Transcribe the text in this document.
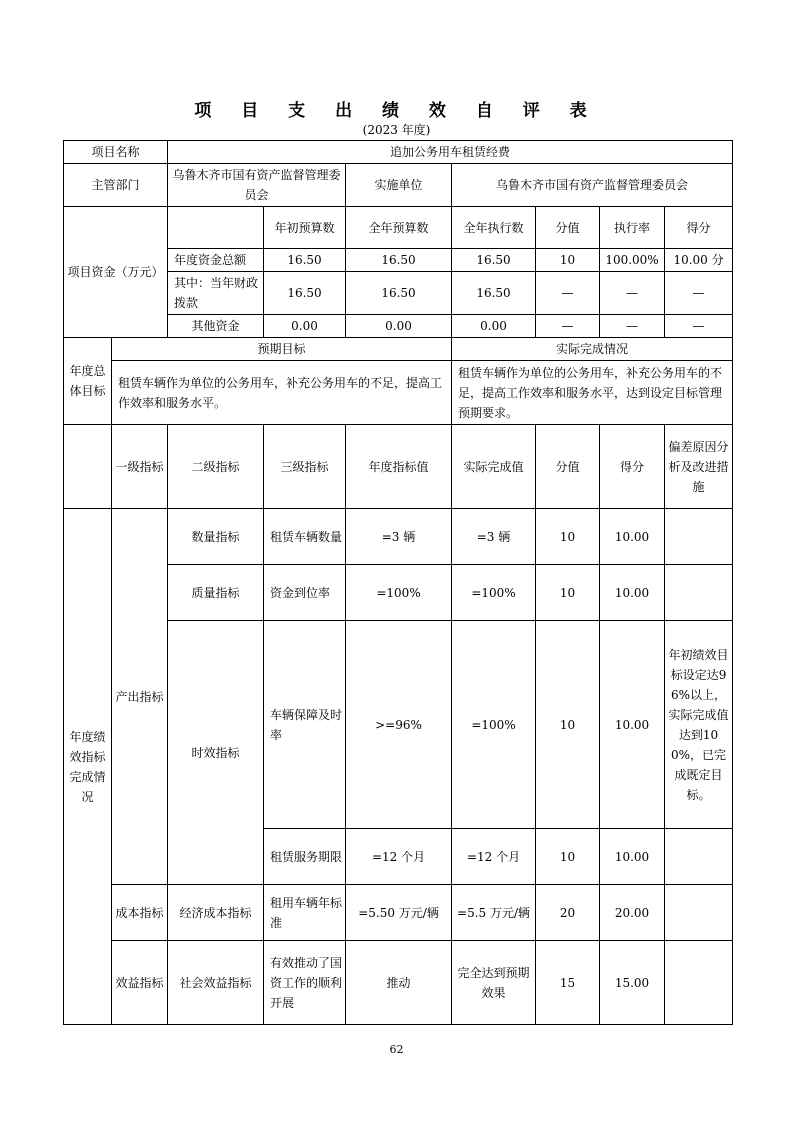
项 目 支 出 绩 效 自 评 表
(2023 年度)
项目名称		追加公务用车租赁经费						
主管部门		乌鲁木齐市国有资产监督管理委员会		实施单位	乌鲁木齐市国有资产监督管理委员会			
项目资金（万元）			年初预算数	全年预算数	全年执行数	分值	执行率	得分
		年度资金总额	16.50	16.50	16.50	10	100.00%	10.00 分
		其中：当年财政拨款	16.50	16.50	16.50	—	—	—
		其他资金	0.00	0.00	0.00	—	—	—
年度总体目标	预期目标				实际完成情况			
	租赁车辆作为单位的公务用车，补充公务用车的不足，提高工作效率和服务水平。				租赁车辆作为单位的公务用车，补充公务用车的不足，提高工作效率和服务水平，达到设定目标管理预期要求。			
	一级指标	二级指标	三级指标	年度指标值	实际完成值	分值	得分	偏差原因分析及改进措施
年度绩效指标完成情况	产出指标	数量指标	租赁车辆数量	=3 辆	=3 辆	10	10.00	
		质量指标	资金到位率	=100%	=100%	10	10.00	
		时效指标	车辆保障及时率	>=96%	=100%	10	10.00	年初绩效目标设定达96%以上，实际完成值达到100%，已完成既定目标。
			租赁服务期限	=12 个月	=12 个月	10	10.00	
	成本指标	经济成本指标	租用车辆年标准	=5.50 万元/辆	=5.5 万元/辆	20	20.00	
	效益指标	社会效益指标	有效推动了国资工作的顺利开展	推动	完全达到预期效果	15	15.00	
62
